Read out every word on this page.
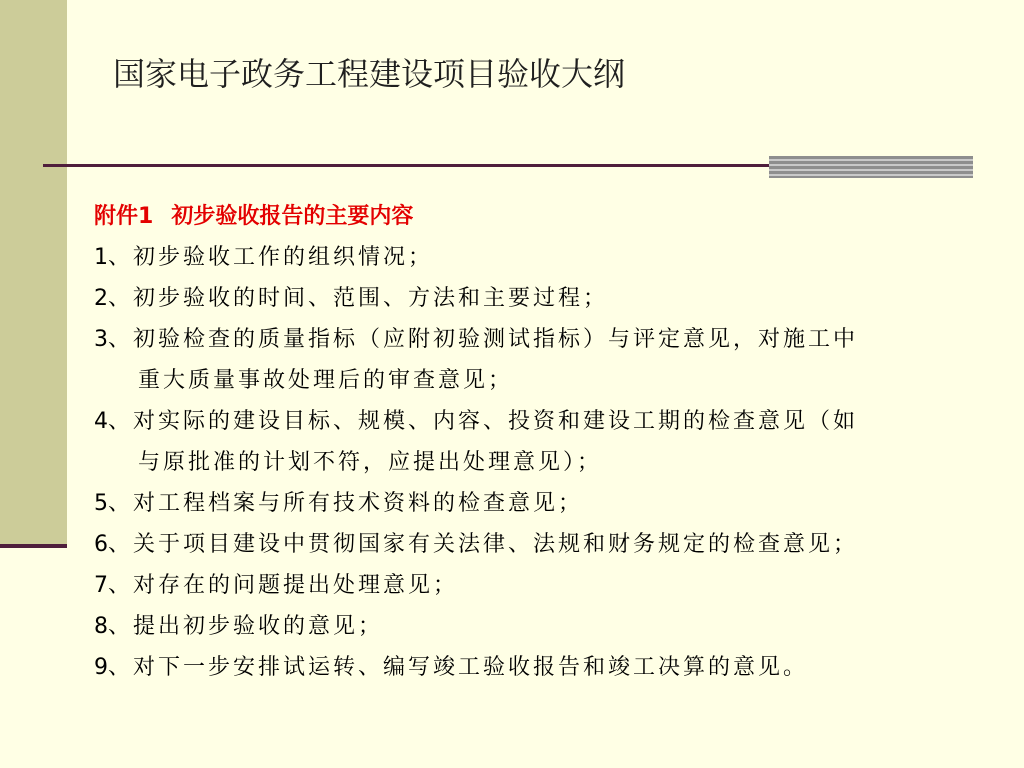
国家电子政务工程建设项目验收大纲
附件1 初步验收报告的主要内容
1、初步验收工作的组织情况；
2、初步验收的时间、范围、方法和主要过程；
3、初验检查的质量指标（应附初验测试指标）与评定意见，对施工中
重大质量事故处理后的审查意见；
4、对实际的建设目标、规模、内容、投资和建设工期的检查意见（如
与原批准的计划不符，应提出处理意见）；
5、对工程档案与所有技术资料的检查意见；
6、关于项目建设中贯彻国家有关法律、法规和财务规定的检查意见；
7、对存在的问题提出处理意见；
8、提出初步验收的意见；
9、对下一步安排试运转、编写竣工验收报告和竣工决算的意见。
